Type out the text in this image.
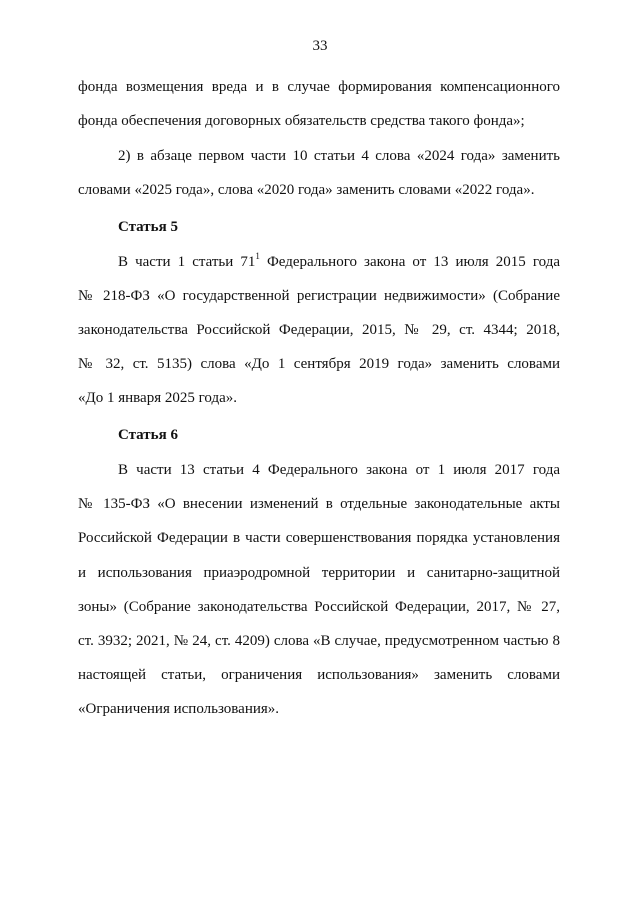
33
фонда возмещения вреда и в случае формирования компенсационного
фонда обеспечения договорных обязательств средства такого фонда»;
2) в абзаце первом части 10 статьи 4 слова «2024 года» заменить
словами «2025 года», слова «2020 года» заменить словами «2022 года».
Статья 5
В части 1 статьи $71^1$ Федерального закона от 13 июля 2015 года
№ 218-ФЗ «О государственной регистрации недвижимости» (Собрание
законодательства Российской Федерации, 2015, № 29, ст. 4344; 2018,
№ 32, ст. 5135) слова «До 1 сентября 2019 года» заменить словами
«До 1 января 2025 года».
Статья 6
В части 13 статьи 4 Федерального закона от 1 июля 2017 года
№ 135-ФЗ «О внесении изменений в отдельные законодательные акты
Российской Федерации в части совершенствования порядка установления
и использования приаэродромной территории и санитарно-защитной
зоны» (Собрание законодательства Российской Федерации, 2017, № 27,
ст. 3932; 2021, № 24, ст. 4209) слова «В случае, предусмотренном частью 8
настоящей статьи, ограничения использования» заменить словами
«Ограничения использования».
